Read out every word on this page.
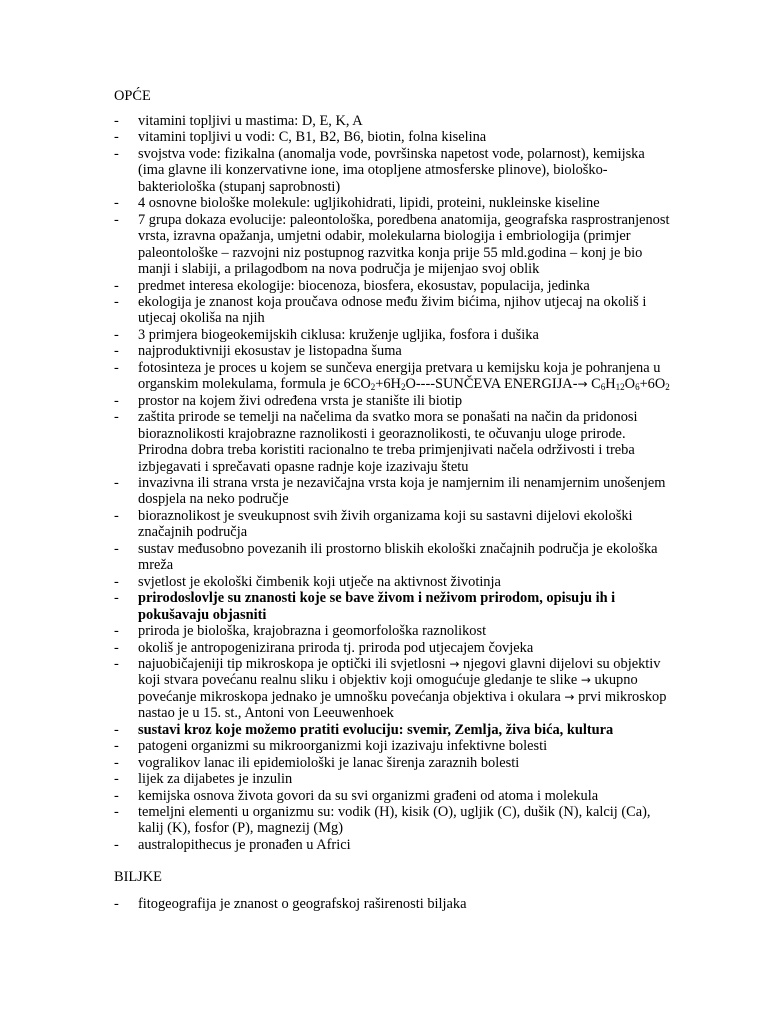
OPĆE
-	vitamini topljivi u mastima: D, E, K, A
-	vitamini topljivi u vodi: C, B1, B2, B6, biotin, folna kiselina
-	svojstva vode: fizikalna (anomalja vode, površinska napetost vode, polarnost), kemijska (ima glavne ili konzervativne ione, ima otopljene atmosferske plinove), biološko-bakteriološka (stupanj saprobnosti)
-	4 osnovne biološke molekule: ugljikohidrati, lipidi, proteini, nukleinske kiseline
-	7 grupa dokaza evolucije: paleontološka, poredbena anatomija, geografska rasprostranjenost vrsta, izravna opažanja, umjetni odabir, molekularna biologija i embriologija (primjer paleontološke – razvojni niz postupnog razvitka konja prije 55 mld.godina – konj je bio manji i slabiji, a prilagodbom na nova područja je mijenjao svoj oblik
-	predmet interesa ekologije: biocenoza, biosfera, ekosustav, populacija, jedinka
-	ekologija je znanost koja proučava odnose među živim bićima, njihov utjecaj na okoliš i utjecaj okoliša na njih
-	3 primjera biogeokemijskih ciklusa: kruženje ugljika, fosfora i dušika
-	najproduktivniji ekosustav je listopadna šuma
-	fotosinteza je proces u kojem se sunčeva energija pretvara u kemijsku koja je pohranjena u organskim molekulama, formula je $6CO_2+6H_2O---$-SUNČEVA ENERGIJA-→ $C_6H_{12}O_6+6O_2$
-	prostor na kojem živi određena vrsta je stanište ili biotip
-	zaštita prirode se temelji na načelima da svatko mora se ponašati na način da pridonosi bioraznolikosti krajobrazne raznolikosti i georaznolikosti, te očuvanju uloge prirode. Prirodna dobra treba koristiti racionalno te treba primjenjivati načela održivosti i treba izbjegavati i sprečavati opasne radnje koje izazivaju štetu
-	invazivna ili strana vrsta je nezavičajna vrsta koja je namjernim ili nenamjernim unošenjem dospjela na neko područje
-	bioraznolikost je sveukupnost svih živih organizama koji su sastavni dijelovi ekološki značajnih područja
-	sustav međusobno povezanih ili prostorno bliskih ekološki značajnih područja je ekološka mreža
-	svjetlost je ekološki čimbenik koji utječe na aktivnost životinja
-	prirodoslovlje su znanosti koje se bave živom i neživom prirodom, opisuju ih i pokušavaju objasniti
-	priroda je biološka, krajobrazna i geomorfološka raznolikost
-	okoliš je antropogenizirana priroda tj. priroda pod utjecajem čovjeka
-	najuobičajeniji tip mikroskopa je optički ili svjetlosni → njegovi glavni dijelovi su objektiv koji stvara povećanu realnu sliku i objektiv koji omogućuje gledanje te slike → ukupno povećanje mikroskopa jednako je umnošku povećanja objektiva i okulara → prvi mikroskop nastao je u 15. st., Antoni von Leeuwenhoek
-	sustavi kroz koje možemo pratiti evoluciju: svemir, Zemlja, živa bića, kultura
-	patogeni organizmi su mikroorganizmi koji izazivaju infektivne bolesti
-	vogralikov lanac ili epidemiološki je lanac širenja zaraznih bolesti
-	lijek za dijabetes je inzulin
-	kemijska osnova života govori da su svi organizmi građeni od atoma i molekula
-	temeljni elementi u organizmu su: vodik (H), kisik (O), ugljik (C), dušik (N), kalcij (Ca), kalij (K), fosfor (P), magnezij (Mg)
-	australopithecus je pronađen u Africi
BILJKE
-	fitogeografija je znanost o geografskoj raširenosti biljaka
